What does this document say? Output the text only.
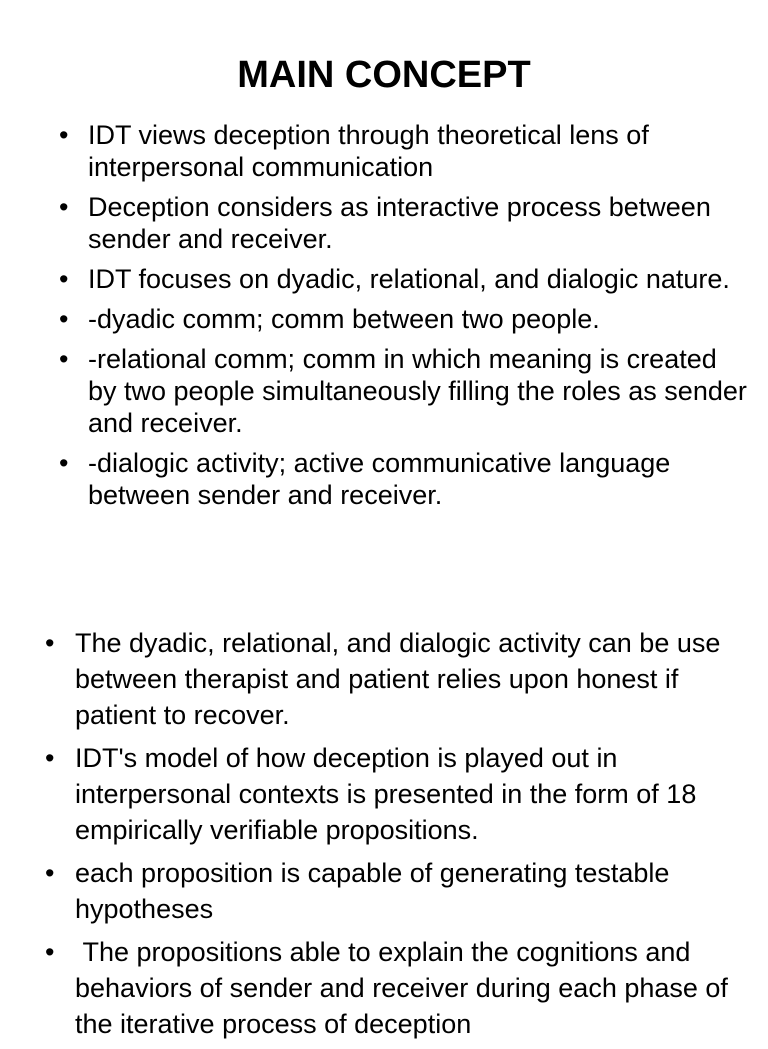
MAIN CONCEPT
• IDT views deception through theoretical lens of interpersonal communication
• Deception considers as interactive process between sender and receiver.
• IDT focuses on dyadic, relational, and dialogic nature.
• -dyadic comm; comm between two people.
• -relational comm; comm in which meaning is created by two people simultaneously filling the roles as sender and receiver.
• -dialogic activity; active communicative language between sender and receiver.
• The dyadic, relational, and dialogic activity can be use between therapist and patient relies upon honest if patient to recover.
• IDT's model of how deception is played out in interpersonal contexts is presented in the form of 18 empirically verifiable propositions.
• each proposition is capable of generating testable hypotheses
• The propositions able to explain the cognitions and behaviors of sender and receiver during each phase of the iterative process of deception
